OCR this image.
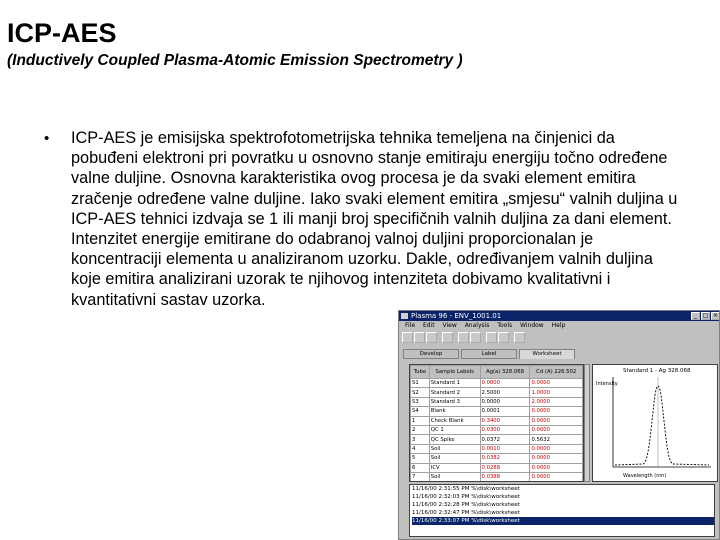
ICP-AES
(Inductively Coupled Plasma-Atomic Emission Spectrometry )
• ICP-AES je emisijska spektrofotometrijska tehnika temeljena na činjenici da pobuđeni elektroni pri povratku u osnovno stanje emitiraju energiju točno određene valne duljine. Osnovna karakteristika ovog procesa je da svaki element emitira zračenje određene valne duljine. Iako svaki element emitira „smjesu“ valnih duljina u ICP-AES tehnici izdvaja se 1 ili manji broj specifičnih valnih duljina za dani element. Intenzitet energije emitirane do odabranoj valnoj duljini proporcionalan je koncentraciji elementa u analiziranom uzorku. Dakle, određivanjem valnih duljina koje emitira analizirani uzorak te njihovog intenziteta dobivamo kvalitativni i kvantitativni sastav uzorka.
Plasma 96 - ENV_1001.01	_ □ ×
File Edit View Analysis Tools Window Help
Develop	Label	Worksheet
Tube	Sample Labels	Ag(a) 328.068	Cd (A) 226.502
S1	Standard 1	0.0000	0.0000
S2	Standard 2	2.5000	1.0000
S3	Standard 3	0.0000	2.0000
S4	Blank	0.0001	0.0000
1	Check Blank	0.3400	0.0000
2	QC 1	0.0300	0.0000
3	QC Spike	0.0372	0.5632
4	Soil	0.0010	0.0000
5	Soil	0.0382	0.0000
6	ICV	0.0288	0.0000
7	Soil	0.0388	0.0000
Standard 1 - Ag 328.068
Intensity
Wavelength (nm)
11/16/00 2:31:55 PM %\disk\worksheet
11/16/00 2:32:03 PM %\disk\worksheet
11/16/00 2:32:28 PM %\disk\worksheet
11/16/00 2:32:47 PM %\disk\worksheet
11/16/00 2:33:07 PM %\disk\worksheet
